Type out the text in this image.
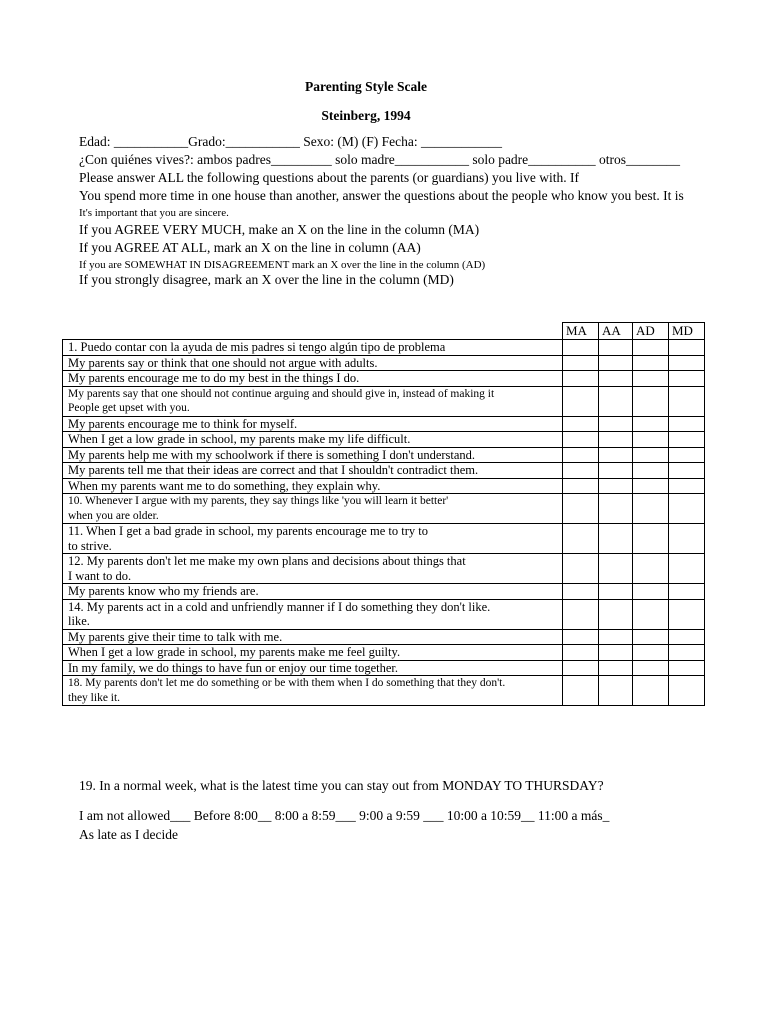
Parenting Style Scale
Steinberg, 1994
Edad: ___________Grado:___________ Sexo: (M) (F) Fecha: ____________
¿Con quiénes vives?: ambos padres_________ solo madre___________ solo padre__________ otros________
Please answer ALL the following questions about the parents (or guardians) you live with. If
You spend more time in one house than another, answer the questions about the people who know you best. It is
It's important that you are sincere.
If you AGREE VERY MUCH, make an X on the line in the column (MA)
If you AGREE AT ALL, mark an X on the line in column (AA)
If you are SOMEWHAT IN DISAGREEMENT mark an X over the line in the column (AD)
If you strongly disagree, mark an X over the line in the column (MD)
	MA	AA	AD	MD

1. Puedo contar con la ayuda de mis padres si tengo algún tipo de problema				

My parents say or think that one should not argue with adults.				

My parents encourage me to do my best in the things I do.				

My parents say that one should not continue arguing and should give in, instead of making it
People get upset with you.				

My parents encourage me to think for myself.				

When I get a low grade in school, my parents make my life difficult.				

My parents help me with my schoolwork if there is something I don't understand.				

My parents tell me that their ideas are correct and that I shouldn't contradict them.				

When my parents want me to do something, they explain why.				

10. Whenever I argue with my parents, they say things like 'you will learn it better'
when you are older.				

11. When I get a bad grade in school, my parents encourage me to try to
to strive.				

12. My parents don't let me make my own plans and decisions about things that
I want to do.				

My parents know who my friends are.				

14. My parents act in a cold and unfriendly manner if I do something they don't like.
like.				

My parents give their time to talk with me.				

When I get a low grade in school, my parents make me feel guilty.				

In my family, we do things to have fun or enjoy our time together.				

18. My parents don't let me do something or be with them when I do something that they don't.
they like it.				

19. In a normal week, what is the latest time you can stay out from MONDAY TO THURSDAY?
I am not allowed___ Before 8:00__ 8:00 a 8:59___ 9:00 a 9:59 ___ 10:00 a 10:59__ 11:00 a más_
As late as I decide
